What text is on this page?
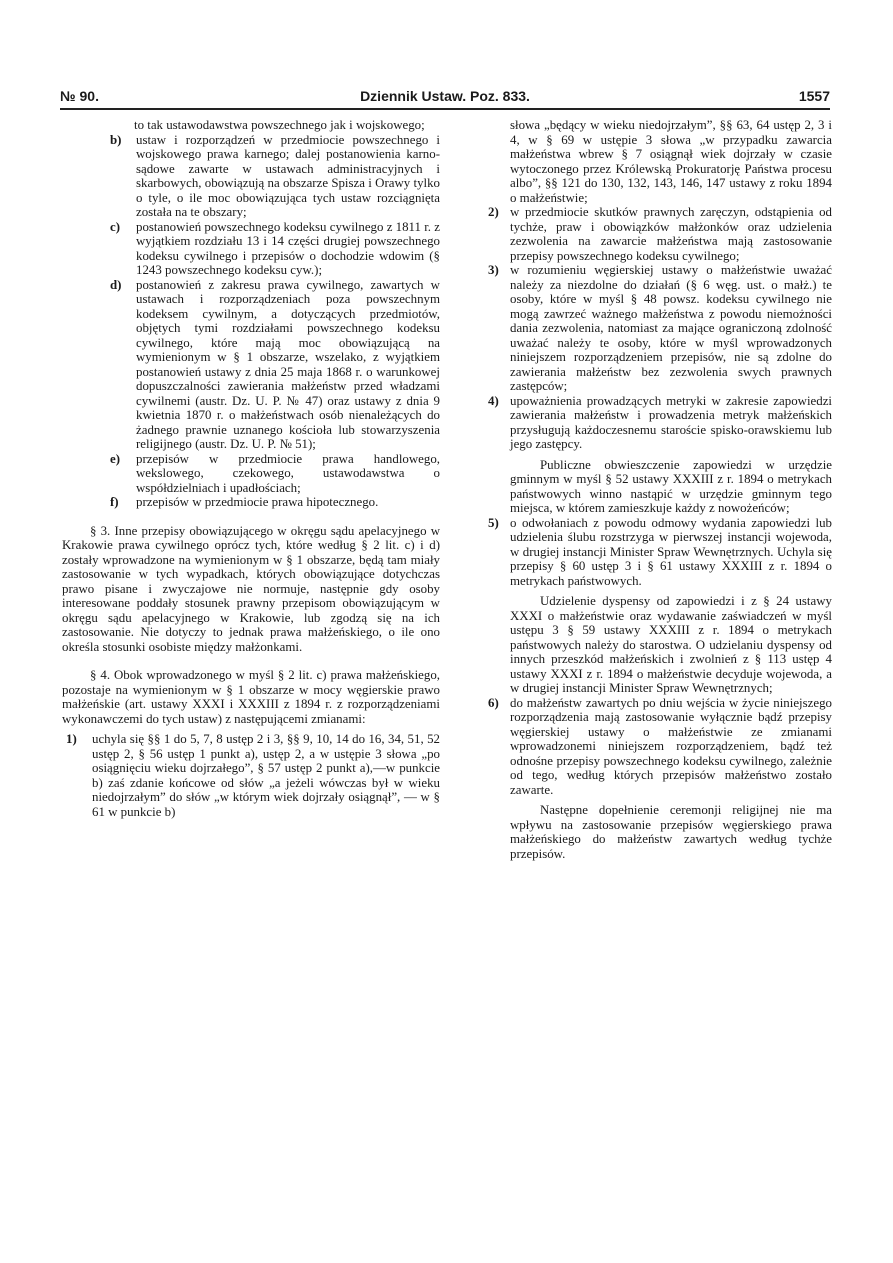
№ 90.	Dziennik Ustaw. Poz. 833.	1557

to tak ustawodawstwa powszechnego jak i wojskowego;

b) ustaw i rozporządzeń w przedmiocie powszechnego i wojskowego prawa karnego; dalej postanowienia karno-sądowe zawarte w ustawach administracyjnych i skarbowych, obowiązują na obszarze Spisza i Orawy tylko o tyle, o ile moc obowiązująca tych ustaw rozciągnięta została na te obszary;
c) postanowień powszechnego kodeksu cywilnego z 1811 r. z wyjątkiem rozdziału 13 i 14 części drugiej powszechnego kodeksu cywilnego i przepisów o dochodzie wdowim (§ 1243 powszechnego kodeksu cyw.);
d) postanowień z zakresu prawa cywilnego, zawartych w ustawach i rozporządzeniach poza powszechnym kodeksem cywilnym, a dotyczących przedmiotów, objętych tymi rozdziałami powszechnego kodeksu cywilnego, które mają moc obowiązującą na wymienionym w § 1 obszarze, wszelako, z wyjątkiem postanowień ustawy z dnia 25 maja 1868 r. o warunkowej dopuszczalności zawierania małżeństw przed władzami cywilnemi (austr. Dz. U. P. № 47) oraz ustawy z dnia 9 kwietnia 1870 r. o małżeństwach osób nienależących do żadnego prawnie uznanego kościoła lub stowarzyszenia religijnego (austr. Dz. U. P. № 51);
e) przepisów w przedmiocie prawa handlowego, wekslowego, czekowego, ustawodawstwa o współdzielniach i upadłościach;
f) przepisów w przedmiocie prawa hipotecznego.

§ 3. Inne przepisy obowiązującego w okręgu sądu apelacyjnego w Krakowie prawa cywilnego oprócz tych, które według § 2 lit. c) i d) zostały wprowadzone na wymienionym w § 1 obszarze, będą tam miały zastosowanie w tych wypadkach, których obowiązujące dotychczas prawo pisane i zwyczajowe nie normuje, następnie gdy osoby interesowane poddały stosunek prawny przepisom obowiązującym w okręgu sądu apelacyjnego w Krakowie, lub zgodzą się na ich zastosowanie. Nie dotyczy to jednak prawa małżeńskiego, o ile ono określa stosunki osobiste między małżonkami.

§ 4. Obok wprowadzonego w myśl § 2 lit. c) prawa małżeńskiego, pozostaje na wymienionym w § 1 obszarze w mocy węgierskie prawo małżeńskie (art. ustawy XXXI i XXXIII z 1894 r. z rozporządzeniami wykonawczemi do tych ustaw) z następującemi zmianami:

1) uchyla się §§ 1 do 5, 7, 8 ustęp 2 i 3, §§ 9, 10, 14 do 16, 34, 51, 52 ustęp 2, § 56 ustęp 1 punkt a), ustęp 2, a w ustępie 3 słowa „po osiągnięciu wieku dojrzałego”, § 57 ustęp 2 punkt a),—w punkcie b) zaś zdanie końcowe od słów „a jeżeli wówczas był w wieku niedojrzałym” do słów „w którym wiek dojrzały osiągnął”, — w § 61 w punkcie b)

słowa „będący w wieku niedojrzałym”, §§ 63, 64 ustęp 2, 3 i 4, w § 69 w ustępie 3 słowa „w przypadku zawarcia małżeństwa wbrew § 7 osiągnął wiek dojrzały w czasie wytoczonego przez Królewską Prokuratorję Państwa procesu albo”, §§ 121 do 130, 132, 143, 146, 147 ustawy z roku 1894 o małżeństwie;

2) w przedmiocie skutków prawnych zaręczyn, odstąpienia od tychże, praw i obowiązków małżonków oraz udzielenia zezwolenia na zawarcie małżeństwa mają zastosowanie przepisy powszechnego kodeksu cywilnego;
3) w rozumieniu węgierskiej ustawy o małżeństwie uważać należy za niezdolne do działań (§ 6 węg. ust. o małż.) te osoby, które w myśl § 48 powsz. kodeksu cywilnego nie mogą zawrzeć ważnego małżeństwa z powodu niemożności dania zezwolenia, natomiast za mające ograniczoną zdolność uważać należy te osoby, które w myśl wprowadzonych niniejszem rozporządzeniem przepisów, nie są zdolne do zawierania małżeństw bez zezwolenia swych prawnych zastępców;
4) upoważnienia prowadzących metryki w zakresie zapowiedzi zawierania małżeństw i prowadzenia metryk małżeńskich przysługują każdoczesnemu staroście spisko-orawskiemu lub jego zastępcy.

Publiczne obwieszczenie zapowiedzi w urzędzie gminnym w myśl § 52 ustawy XXXIII z r. 1894 o metrykach państwowych winno nastąpić w urzędzie gminnym tego miejsca, w którem zamieszkuje każdy z nowożeńców;

5) o odwołaniach z powodu odmowy wydania zapowiedzi lub udzielenia ślubu rozstrzyga w pierwszej instancji wojewoda, w drugiej instancji Minister Spraw Wewnętrznych. Uchyla się przepisy § 60 ustęp 3 i § 61 ustawy XXXIII z r. 1894 o metrykach państwowych.

Udzielenie dyspensy od zapowiedzi i z § 24 ustawy XXXI o małżeństwie oraz wydawanie zaświadczeń w myśl ustępu 3 § 59 ustawy XXXIII z r. 1894 o metrykach państwowych należy do starostwa. O udzielaniu dyspensy od innych przeszkód małżeńskich i zwolnień z § 113 ustęp 4 ustawy XXXI z r. 1894 o małżeństwie decyduje wojewoda, a w drugiej instancji Minister Spraw Wewnętrznych;

6) do małżeństw zawartych po dniu wejścia w życie niniejszego rozporządzenia mają zastosowanie wyłącznie bądź przepisy węgierskiej ustawy o małżeństwie ze zmianami wprowadzonemi niniejszem rozporządzeniem, bądź też odnośne przepisy powszechnego kodeksu cywilnego, zależnie od tego, według których przepisów małżeństwo zostało zawarte.

Następne dopełnienie ceremonji religijnej nie ma wpływu na zastosowanie przepisów węgierskiego prawa małżeńskiego do małżeństw zawartych według tychże przepisów.
